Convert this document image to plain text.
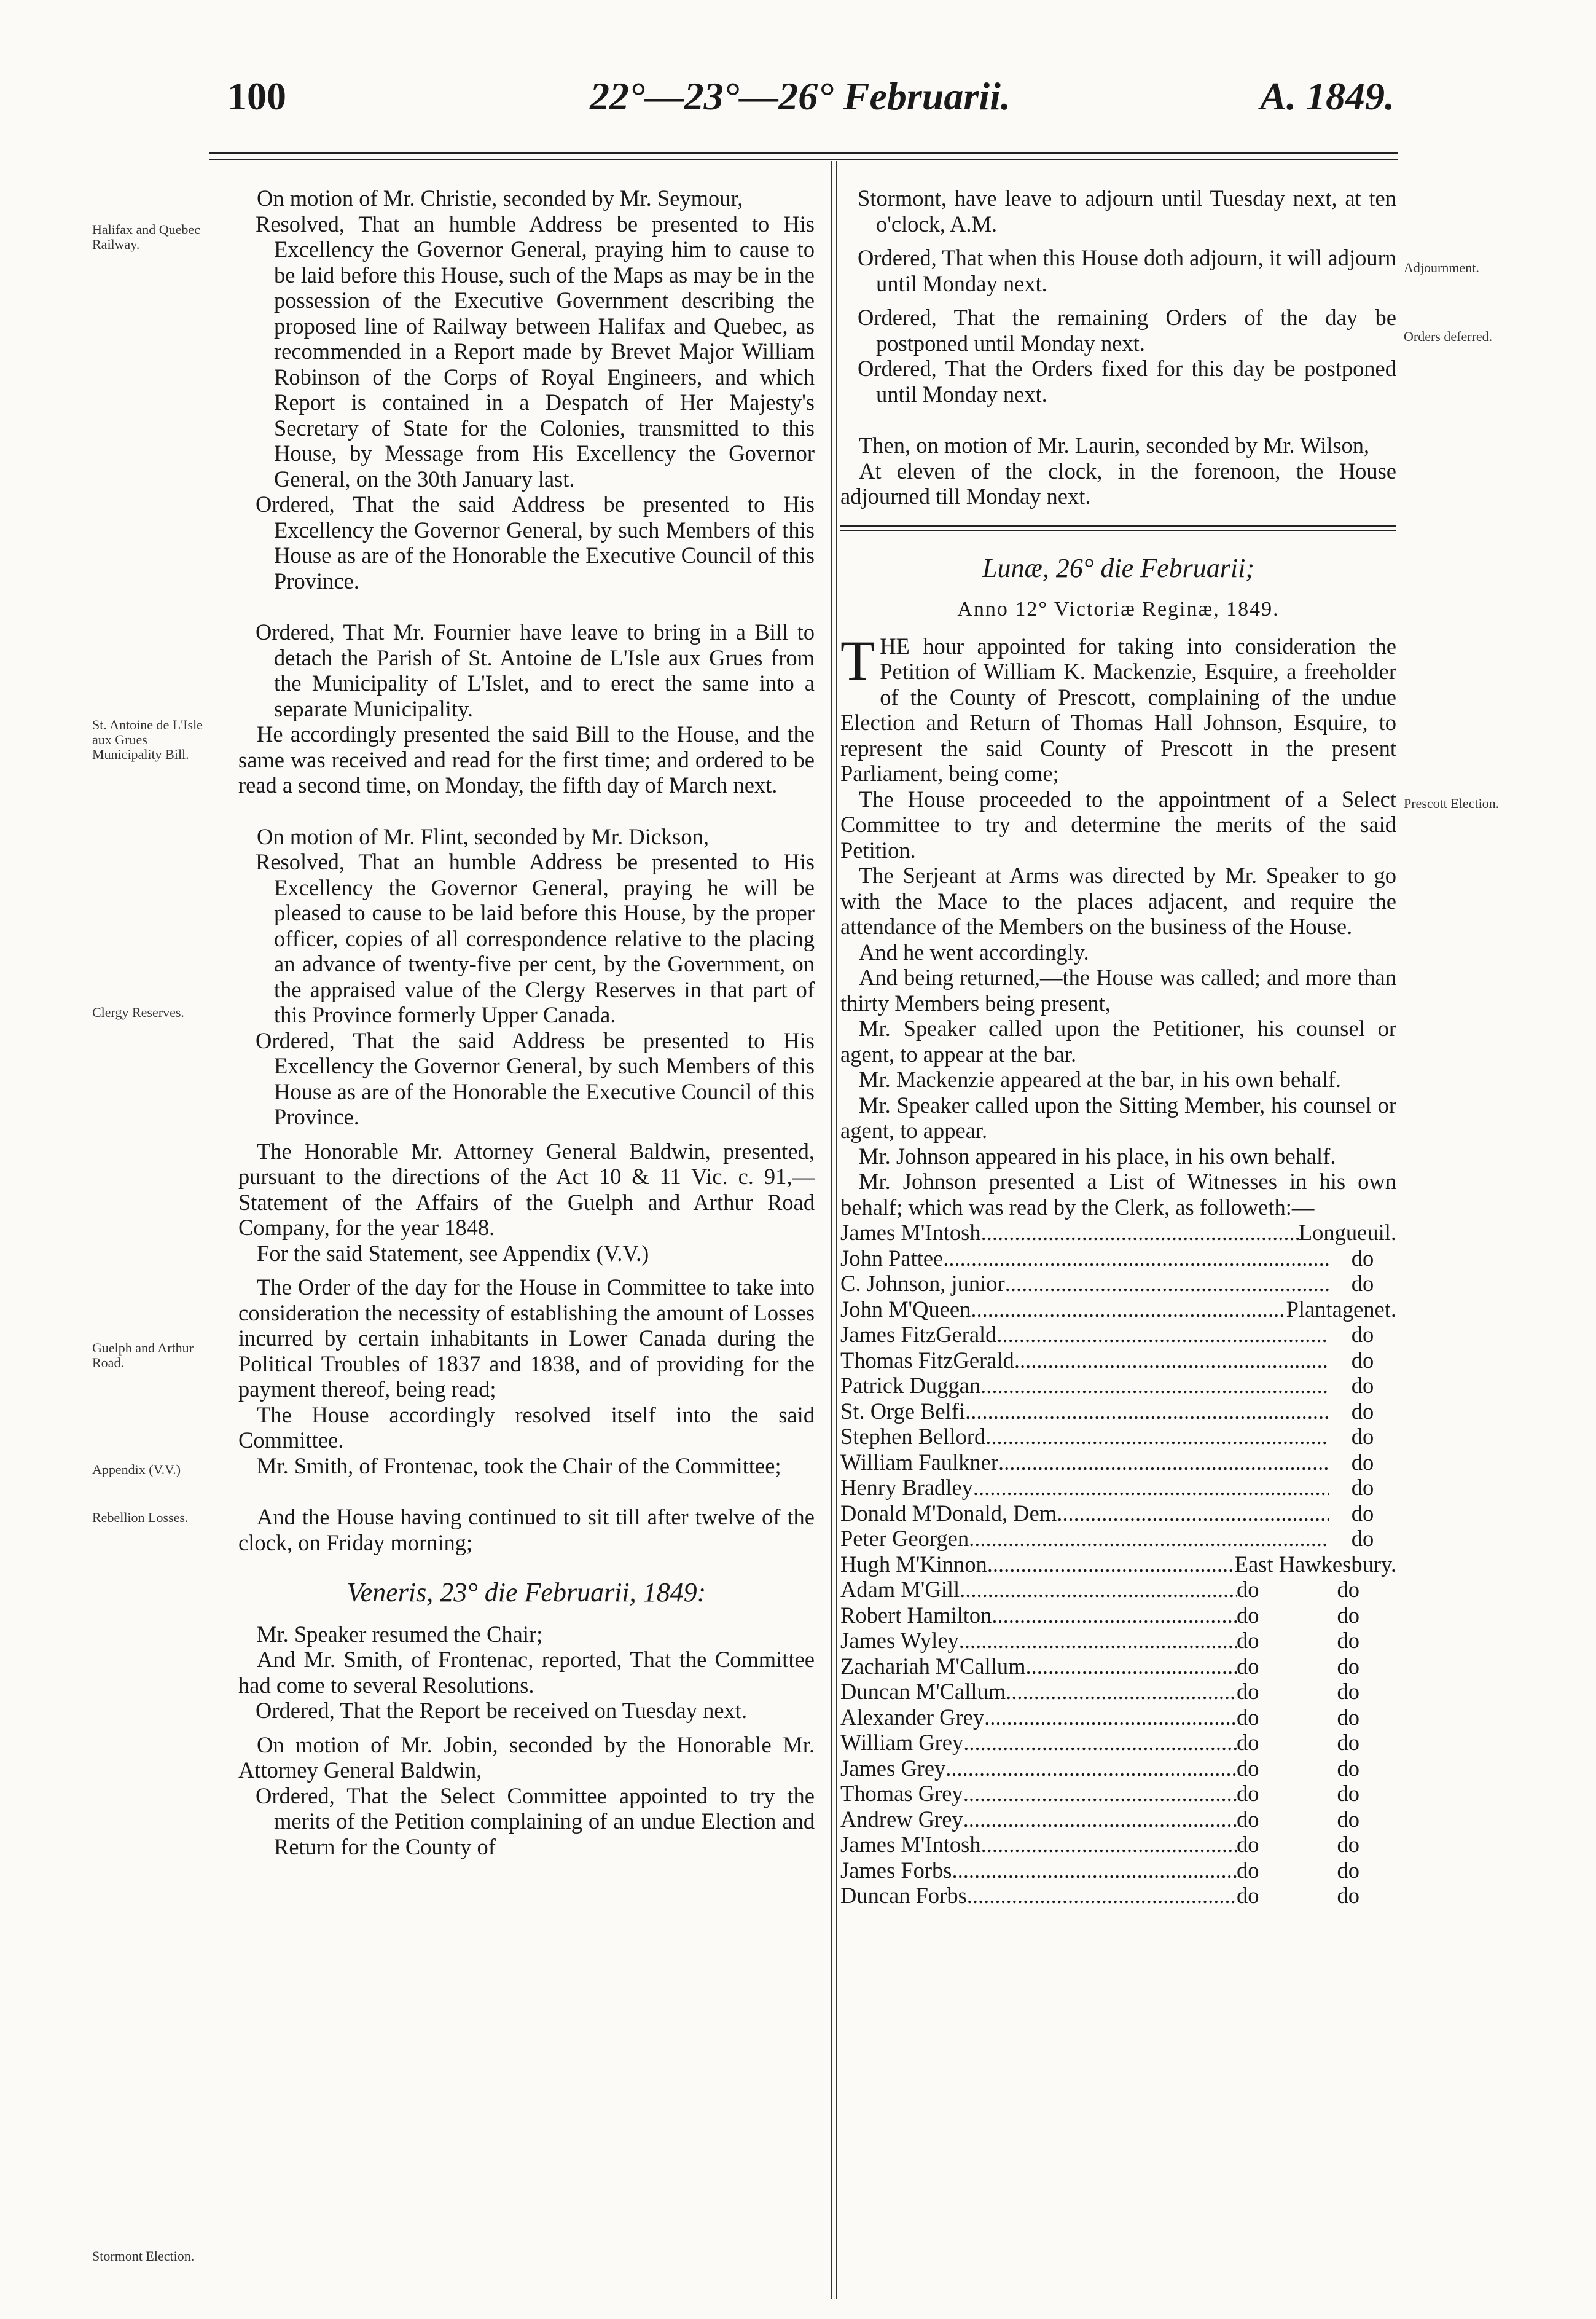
100	22°—23°—26° Februarii.	A. 1849.
Halifax and Quebec Railway.
St. Antoine de L'Isle aux Grues Municipality Bill.
Clergy Reserves.
Guelph and Arthur Road.
Appendix (V.V.)
Rebellion Losses.
Stormont Election.
Adjournment.
Orders deferred.
Prescott Election.

On motion of Mr. Christie, seconded by Mr. Seymour,

Resolved, That an humble Address be presented to His Excellency the Governor General, praying him to cause to be laid before this House, such of the Maps as may be in the possession of the Executive Government describing the proposed line of Railway between Halifax and Quebec, as recommended in a Report made by Brevet Major William Robinson of the Corps of Royal Engineers, and which Report is contained in a Despatch of Her Majesty's Secretary of State for the Colonies, transmitted to this House, by Message from His Excellency the Governor General, on the 30th January last.

Ordered, That the said Address be presented to His Excellency the Governor General, by such Members of this House as are of the Honorable the Executive Council of this Province.

Ordered, That Mr. Fournier have leave to bring in a Bill to detach the Parish of St. Antoine de L'Isle aux Grues from the Municipality of L'Islet, and to erect the same into a separate Municipality.

He accordingly presented the said Bill to the House, and the same was received and read for the first time; and ordered to be read a second time, on Monday, the fifth day of March next.

On motion of Mr. Flint, seconded by Mr. Dickson,

Resolved, That an humble Address be presented to His Excellency the Governor General, praying he will be pleased to cause to be laid before this House, by the proper officer, copies of all correspondence relative to the placing an advance of twenty-five per cent, by the Government, on the appraised value of the Clergy Reserves in that part of this Province formerly Upper Canada.

Ordered, That the said Address be presented to His Excellency the Governor General, by such Members of this House as are of the Honorable the Executive Council of this Province.

The Honorable Mr. Attorney General Baldwin, presented, pursuant to the directions of the Act 10 & 11 Vic. c. 91,—Statement of the Affairs of the Guelph and Arthur Road Company, for the year 1848.

For the said Statement, see Appendix (V.V.)

The Order of the day for the House in Committee to take into consideration the necessity of establishing the amount of Losses incurred by certain inhabitants in Lower Canada during the Political Troubles of 1837 and 1838, and of providing for the payment thereof, being read;

The House accordingly resolved itself into the said Committee.

Mr. Smith, of Frontenac, took the Chair of the Committee;

And the House having continued to sit till after twelve of the clock, on Friday morning;

Veneris, 23° die Februarii, 1849:

Mr. Speaker resumed the Chair;

And Mr. Smith, of Frontenac, reported, That the Committee had come to several Resolutions.

Ordered, That the Report be received on Tuesday next.

On motion of Mr. Jobin, seconded by the Honorable Mr. Attorney General Baldwin,

Ordered, That the Select Committee appointed to try the merits of the Petition complaining of an undue Election and Return for the County of

Stormont, have leave to adjourn until Tuesday next, at ten o'clock, A.M.

Ordered, That when this House doth adjourn, it will adjourn until Monday next.

Ordered, That the remaining Orders of the day be postponed until Monday next.

Ordered, That the Orders fixed for this day be postponed until Monday next.

Then, on motion of Mr. Laurin, seconded by Mr. Wilson,

At eleven of the clock, in the forenoon, the House adjourned till Monday next.

Lunæ, 26° die Februarii;
Anno 12° Victoriæ Reginæ, 1849.

THE hour appointed for taking into consideration the Petition of William K. Mackenzie, Esquire, a freeholder of the County of Prescott, complaining of the undue Election and Return of Thomas Hall Johnson, Esquire, to represent the said County of Prescott in the present Parliament, being come;

The House proceeded to the appointment of a Select Committee to try and determine the merits of the said Petition.

The Serjeant at Arms was directed by Mr. Speaker to go with the Mace to the places adjacent, and require the attendance of the Members on the business of the House.

And he went accordingly.

And being returned,—the House was called; and more than thirty Members being present,

Mr. Speaker called upon the Petitioner, his counsel or agent, to appear at the bar.

Mr. Mackenzie appeared at the bar, in his own behalf.

Mr. Speaker called upon the Sitting Member, his counsel or agent, to appear.

Mr. Johnson appeared in his place, in his own behalf.

Mr. Johnson presented a List of Witnesses in his own behalf; which was read by the Clerk, as followeth:—

James M'Intosh .....	Longueuil.
John Pattee .....	do
C. Johnson, junior .....	do
John M'Queen .....	Plantagenet.
James FitzGerald .....	do
Thomas FitzGerald .....	do
Patrick Duggan .....	do
St. Orge Belfi .....	do
Stephen Bellord .....	do
William Faulkner .....	do
Henry Bradley .....	do
Donald M'Donald, Dem .....	do
Peter Georgen .....	do
Hugh M'Kinnon .....	East Hawkesbury.
Adam M'Gill .....	do	do
Robert Hamilton .....	do	do
James Wyley .....	do	do
Zachariah M'Callum .....	do	do
Duncan M'Callum .....	do	do
Alexander Grey .....	do	do
William Grey .....	do	do
James Grey .....	do	do
Thomas Grey .....	do	do
Andrew Grey .....	do	do
James M'Intosh .....	do	do
James Forbs .....	do	do
Duncan Forbs .....	do	do
